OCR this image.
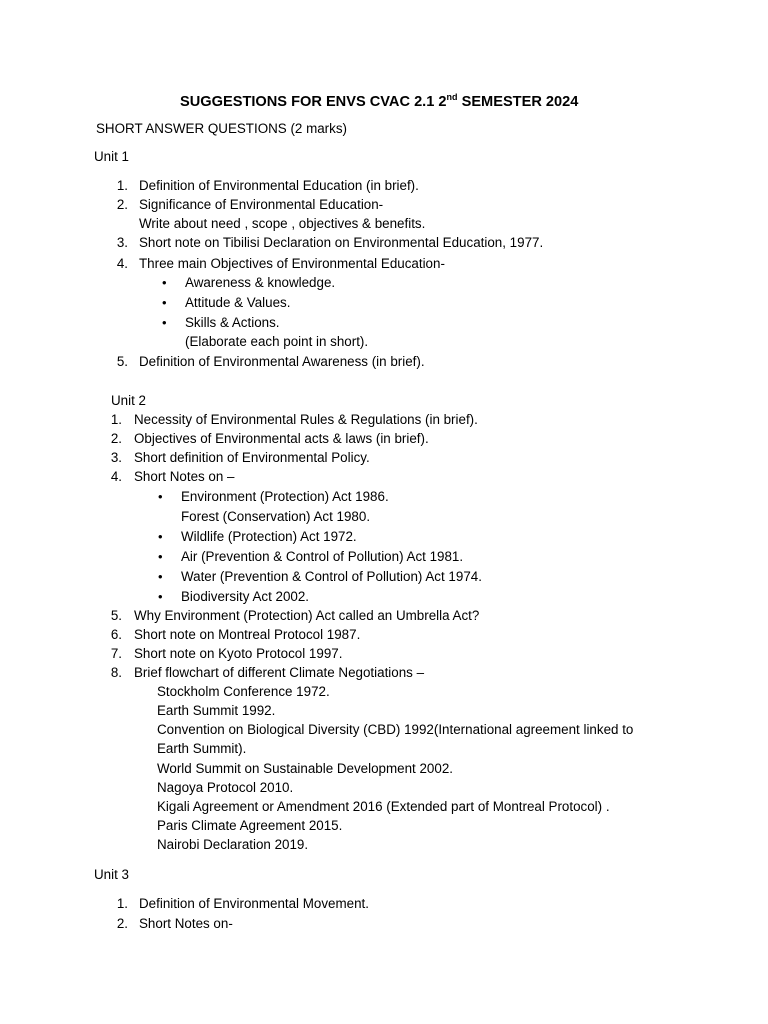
SUGGESTIONS FOR ENVS CVAC 2.1 2nd SEMESTER 2024
SHORT ANSWER QUESTIONS (2 marks)
Unit 1
1. Definition of Environmental Education (in brief).
2. Significance of Environmental Education-
Write about need , scope , objectives & benefits.
3. Short note on Tibilisi Declaration on Environmental Education, 1977.
4. Three main Objectives of Environmental Education-
• Awareness & knowledge.
• Attitude & Values.
• Skills & Actions.
(Elaborate each point in short).
5. Definition of Environmental Awareness (in brief).
Unit 2
1. Necessity of Environmental Rules & Regulations (in brief).
2. Objectives of Environmental acts & laws (in brief).
3. Short definition of Environmental Policy.
4. Short Notes on –
• Environment (Protection) Act 1986.
Forest (Conservation) Act 1980.
• Wildlife (Protection) Act 1972.
• Air (Prevention & Control of Pollution) Act 1981.
• Water (Prevention & Control of Pollution) Act 1974.
• Biodiversity Act 2002.
5. Why Environment (Protection) Act called an Umbrella Act?
6. Short note on Montreal Protocol 1987.
7. Short note on Kyoto Protocol 1997.
8. Brief flowchart of different Climate Negotiations –
Stockholm Conference 1972.
Earth Summit 1992.
Convention on Biological Diversity (CBD) 1992(International agreement linked to
Earth Summit).
World Summit on Sustainable Development 2002.
Nagoya Protocol 2010.
Kigali Agreement or Amendment 2016 (Extended part of Montreal Protocol) .
Paris Climate Agreement 2015.
Nairobi Declaration 2019.
Unit 3
1. Definition of Environmental Movement.
2. Short Notes on-
